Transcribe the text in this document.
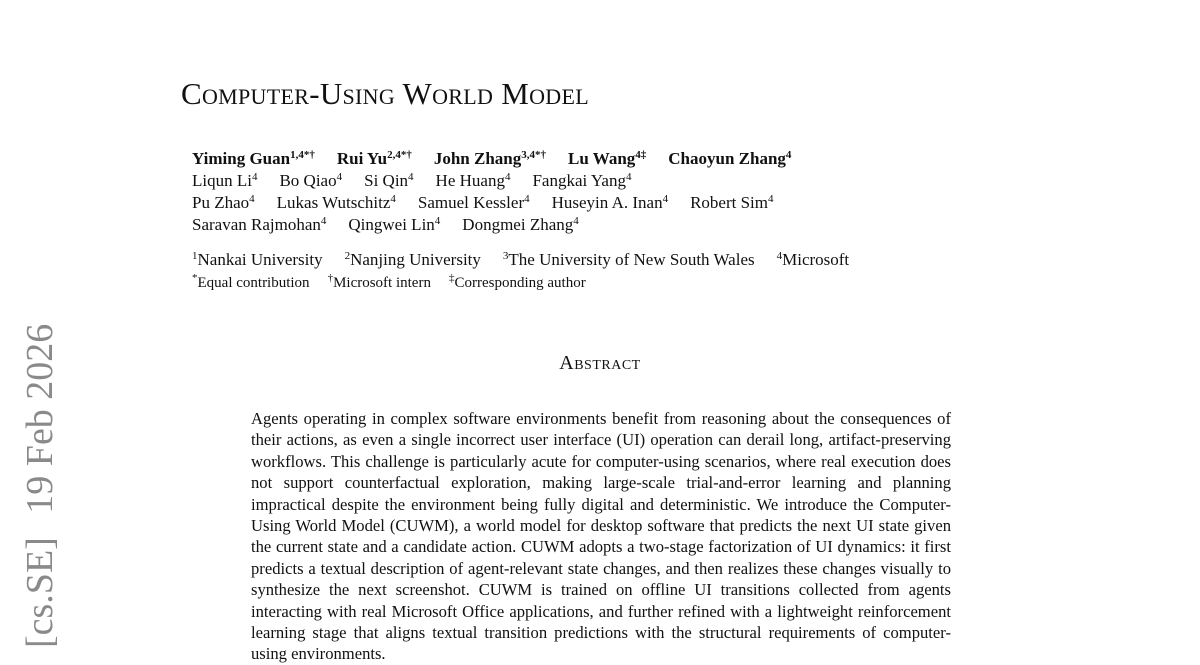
[cs.SE] 19 Feb 2026
Computer-Using World Model
Yiming Guan$^{1,4*\dagger}$ Rui $Yu^{2,4*\dagger}$ John Zhang$^{3,4*\dagger}$ Lu Wang$^{4\ddagger}$ Chaoyun Zhang$^4$
Liqun Li$^4$ Bo Qiao$^4$ Si Qin$^4$ He Huang$^4$ Fangkai Yang$^4$
Pu Zhao$^4$ Lukas Wutschitz$^4$ Samuel Kessler$^4$ Huseyin A. Inan$^4$ Robert Sim$^4$
Saravan Rajmohan$^4$ Qingwei Lin$^4$ Dongmei Zhang$^4$
$^1$Nankai University $^2$Nanjing University $^3$The University of New South Wales $^4$Microsoft
*Equal contribution †Microsoft intern ‡Corresponding author
Abstract

Agents operating in complex software environments benefit from reasoning about the consequences of their actions, as even a single incorrect user interface (UI) operation can derail long, artifact-preserving workflows. This challenge is particularly acute for computer-using scenarios, where real execution does not support counterfactual exploration, making large-scale trial-and-error learning and planning impractical despite the environment being fully digital and deterministic. We introduce the Computer-Using World Model (CUWM), a world model for desktop software that predicts the next UI state given the current state and a candidate action. CUWM adopts a two-stage factorization of UI dynamics: it first predicts a textual description of agent-relevant state changes, and then realizes these changes visually to synthesize the next screenshot. CUWM is trained on offline UI transitions collected from agents interacting with real Microsoft Office applications, and further refined with a lightweight reinforcement learning stage that aligns textual transition predictions with the structural requirements of computer-using environments.
